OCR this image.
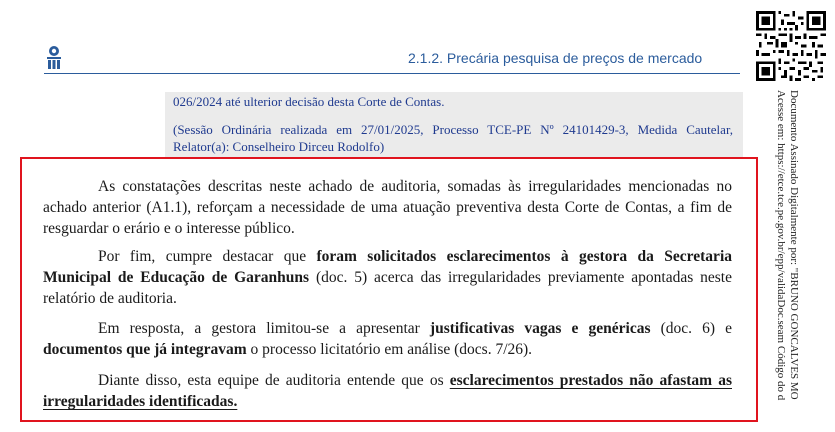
2.1.2. Precária pesquisa de preços de mercado

026/2024 até ulterior decisão desta Corte de Contas.

(Sessão Ordinária realizada em 27/01/2025, Processo TCE-PE Nº 24101429-3, Medida Cautelar, Relator(a): Conselheiro Dirceu Rodolfo)

As constatações descritas neste achado de auditoria, somadas às irregularidades mencionadas no achado anterior (A1.1), reforçam a necessidade de uma atuação preventiva desta Corte de Contas, a fim de resguardar o erário e o interesse público.

Por fim, cumpre destacar que foram solicitados esclarecimentos à gestora da Secretaria Municipal de Educação de Garanhuns (doc. 5) acerca das irregularidades previamente apontadas neste relatório de auditoria.

Em resposta, a gestora limitou-se a apresentar justificativas vagas e genéricas (doc. 6) e documentos que já integravam o processo licitatório em análise (docs. 7/26).

Diante disso, esta equipe de auditoria entende que os esclarecimentos prestados não afastam as irregularidades identificadas.

Documento Assinado Digitalmente por: "BRUNO GONCALVES MO
Acesse em: https://etce.tce.pe.gov.br/epp/validaDoc.seam Código do d
